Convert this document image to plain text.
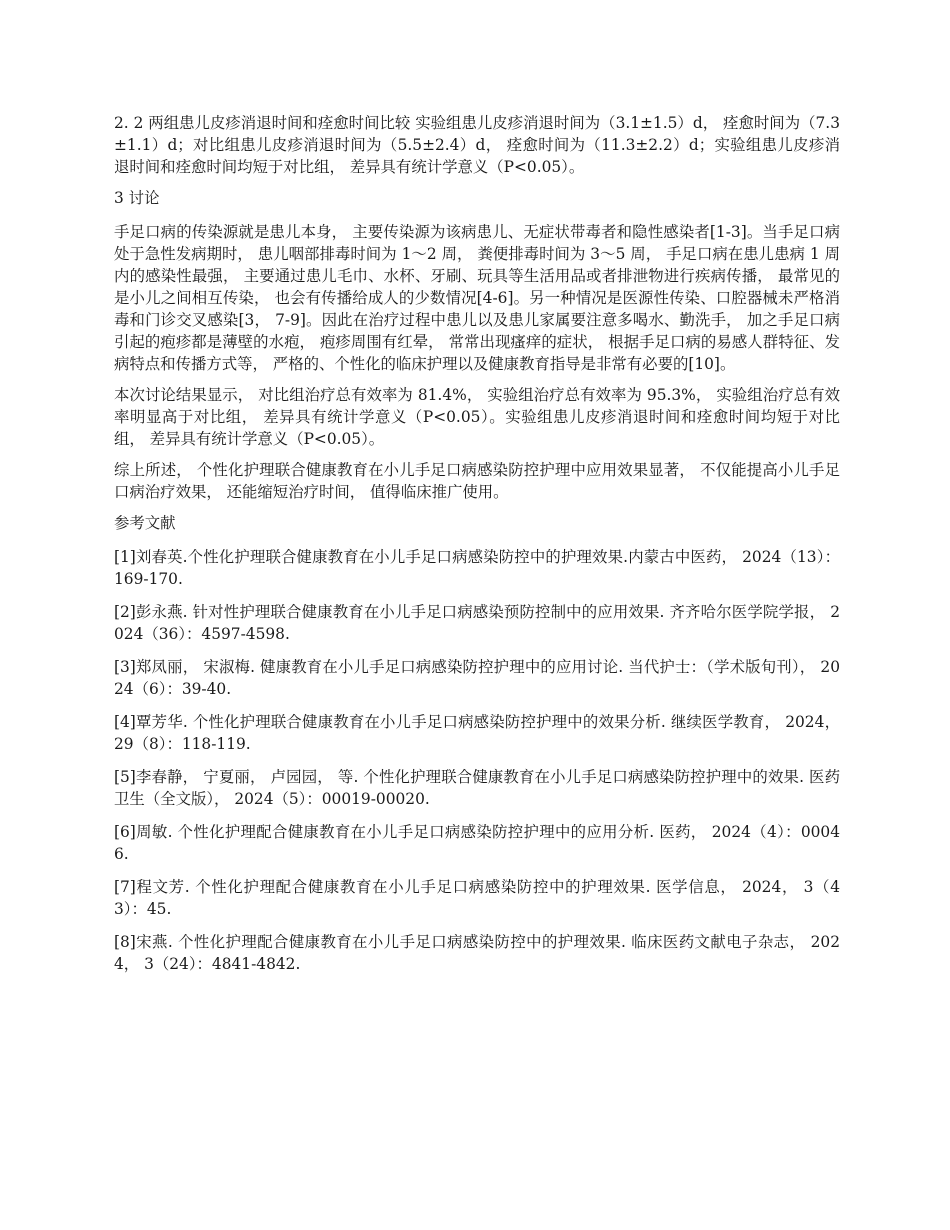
2. 2 两组患儿皮疹消退时间和痊愈时间比较 实验组患儿皮疹消退时间为（3.1±1.5）d， 痊愈时间为（7.3±1.1）d；对比组患儿皮疹消退时间为（5.5±2.4）d， 痊愈时间为（11.3±2.2）d；实验组患儿皮疹消退时间和痊愈时间均短于对比组， 差异具有统计学意义（P<0.05）。

3 讨论

手足口病的传染源就是患儿本身， 主要传染源为该病患儿、无症状带毒者和隐性感染者[1-3]。当手足口病处于急性发病期时， 患儿咽部排毒时间为 1～2 周， 粪便排毒时间为 3～5 周， 手足口病在患儿患病 1 周内的感染性最强， 主要通过患儿毛巾、水杯、牙刷、玩具等生活用品或者排泄物进行疾病传播， 最常见的是小儿之间相互传染， 也会有传播给成人的少数情况[4-6]。另一种情况是医源性传染、口腔器械未严格消毒和门诊交叉感染[3， 7-9]。因此在治疗过程中患儿以及患儿家属要注意多喝水、勤洗手， 加之手足口病引起的疱疹都是薄壁的水疱， 疱疹周围有红晕， 常常出现瘙痒的症状， 根据手足口病的易感人群特征、发病特点和传播方式等， 严格的、个性化的临床护理以及健康教育指导是非常有必要的[10]。

本次讨论结果显示， 对比组治疗总有效率为 81.4%， 实验组治疗总有效率为 95.3%， 实验组治疗总有效率明显高于对比组， 差异具有统计学意义（P<0.05）。实验组患儿皮疹消退时间和痊愈时间均短于对比组， 差异具有统计学意义（P<0.05）。

综上所述， 个性化护理联合健康教育在小儿手足口病感染防控护理中应用效果显著， 不仅能提高小儿手足口病治疗效果， 还能缩短治疗时间， 值得临床推广使用。

参考文献

[1]刘春英.个性化护理联合健康教育在小儿手足口病感染防控中的护理效果.内蒙古中医药， 2024（13）：169-170.

[2]彭永燕. 针对性护理联合健康教育在小儿手足口病感染预防控制中的应用效果. 齐齐哈尔医学院学报， 2024（36）：4597-4598.

[3]郑凤丽， 宋淑梅. 健康教育在小儿手足口病感染防控护理中的应用讨论. 当代护士：（学术版旬刊）， 2024（6）：39-40.

[4]覃芳华. 个性化护理联合健康教育在小儿手足口病感染防控护理中的效果分析. 继续医学教育， 2024， 29（8）：118-119.

[5]李春静， 宁夏丽， 卢园园， 等. 个性化护理联合健康教育在小儿手足口病感染防控护理中的效果. 医药卫生（全文版）， 2024（5）：00019-00020.

[6]周敏. 个性化护理配合健康教育在小儿手足口病感染防控护理中的应用分析. 医药， 2024（4）：00046.

[7]程文芳. 个性化护理配合健康教育在小儿手足口病感染防控中的护理效果. 医学信息， 2024， 3（43）：45.

[8]宋燕. 个性化护理配合健康教育在小儿手足口病感染防控中的护理效果. 临床医药文献电子杂志， 2024， 3（24）：4841-4842.
